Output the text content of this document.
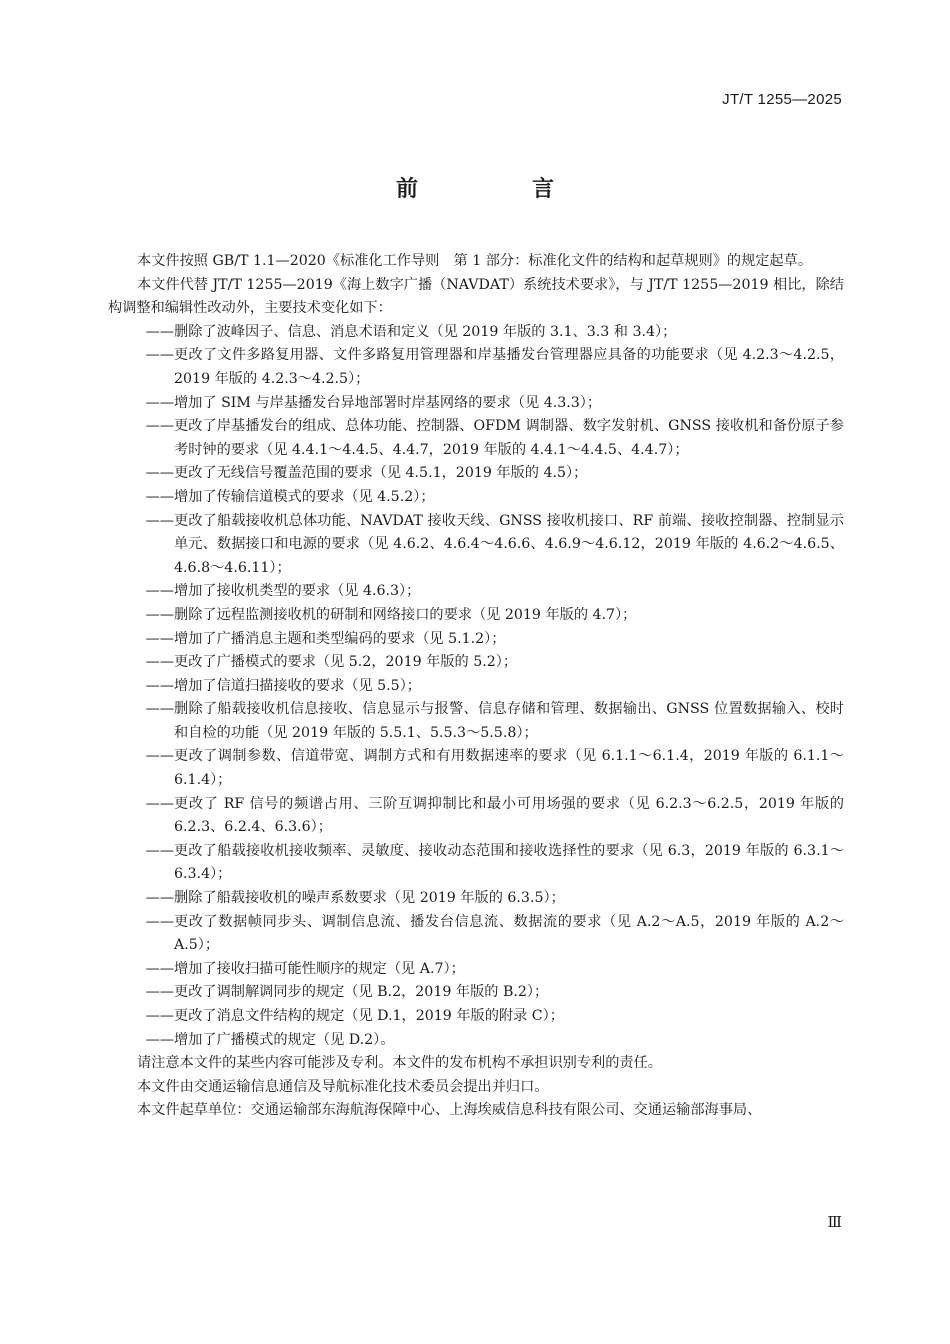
JT/T 1255—2025
前　言

本文件按照 GB/T 1.1—2020《标准化工作导则　第 1 部分：标准化文件的结构和起草规则》的规定起草。

本文件代替 JT/T 1255—2019《海上数字广播（NAVDAT）系统技术要求》，与 JT/T 1255—2019 相比，除结构调整和编辑性改动外，主要技术变化如下：

—— 删除了波峰因子、信息、消息术语和定义（见 2019 年版的 3.1、3.3 和 3.4）；
—— 更改了文件多路复用器、文件多路复用管理器和岸基播发台管理器应具备的功能要求（见 4.2.3～4.2.5，2019 年版的 4.2.3～4.2.5）；
—— 增加了 SIM 与岸基播发台异地部署时岸基网络的要求（见 4.3.3）；
—— 更改了岸基播发台的组成、总体功能、控制器、OFDM 调制器、数字发射机、GNSS 接收机和备份原子参考时钟的要求（见 4.4.1～4.4.5、4.4.7，2019 年版的 4.4.1～4.4.5、4.4.7）；
—— 更改了无线信号覆盖范围的要求（见 4.5.1，2019 年版的 4.5）；
—— 增加了传输信道模式的要求（见 4.5.2）；
—— 更改了船载接收机总体功能、NAVDAT 接收天线、GNSS 接收机接口、RF 前端、接收控制器、控制显示单元、数据接口和电源的要求（见 4.6.2、4.6.4～4.6.6、4.6.9～4.6.12，2019 年版的 4.6.2～4.6.5、4.6.8～4.6.11）；
—— 增加了接收机类型的要求（见 4.6.3）；
—— 删除了远程监测接收机的研制和网络接口的要求（见 2019 年版的 4.7）；
—— 增加了广播消息主题和类型编码的要求（见 5.1.2）；
—— 更改了广播模式的要求（见 5.2，2019 年版的 5.2）；
—— 增加了信道扫描接收的要求（见 5.5）；
—— 删除了船载接收机信息接收、信息显示与报警、信息存储和管理、数据输出、GNSS 位置数据输入、校时和自检的功能（见 2019 年版的 5.5.1、5.5.3～5.5.8）；
—— 更改了调制参数、信道带宽、调制方式和有用数据速率的要求（见 6.1.1～6.1.4，2019 年版的 6.1.1～6.1.4）；
—— 更改了 RF 信号的频谱占用、三阶互调抑制比和最小可用场强的要求（见 6.2.3～6.2.5，2019 年版的 6.2.3、6.2.4、6.3.6）；
—— 更改了船载接收机接收频率、灵敏度、接收动态范围和接收选择性的要求（见 6.3，2019 年版的 6.3.1～6.3.4）；
—— 删除了船载接收机的噪声系数要求（见 2019 年版的 6.3.5）；
—— 更改了数据帧同步头、调制信息流、播发台信息流、数据流的要求（见 A.2～A.5，2019 年版的 A.2～A.5）；
—— 增加了接收扫描可能性顺序的规定（见 A.7）；
—— 更改了调制解调同步的规定（见 B.2，2019 年版的 B.2）；
—— 更改了消息文件结构的规定（见 D.1，2019 年版的附录 C）；
—— 增加了广播模式的规定（见 D.2）。

请注意本文件的某些内容可能涉及专利。本文件的发布机构不承担识别专利的责任。

本文件由交通运输信息通信及导航标准化技术委员会提出并归口。

本文件起草单位：交通运输部东海航海保障中心、上海埃威信息科技有限公司、交通运输部海事局、

Ⅲ
